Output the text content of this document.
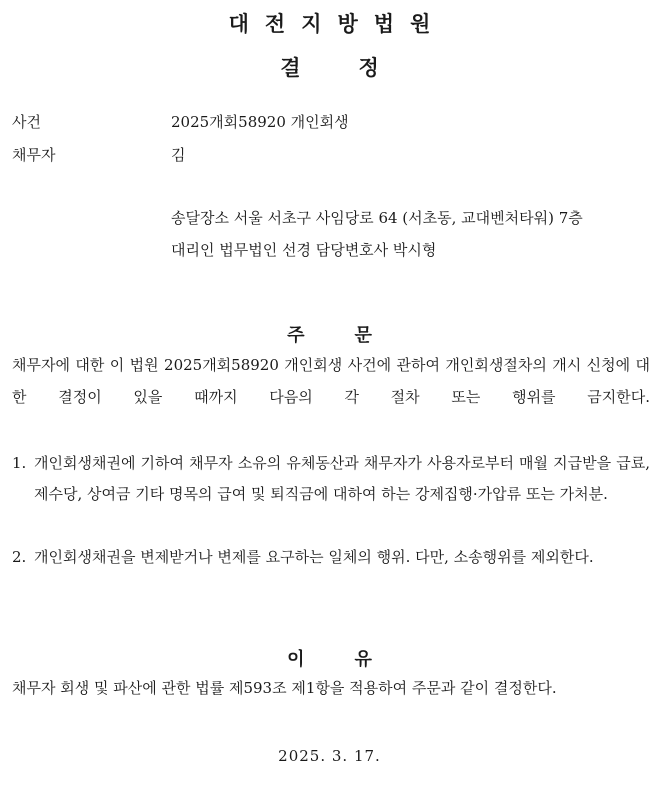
대전지방법원
결정
사건	2025개회58920 개인회생
채무자	김
송달장소 서울 서초구 사임당로 64 (서초동, 교대벤처타워) 7층
대리인 법무법인 선경 담당변호사 박시형
주문
채무자에 대한 이 법원 2025개회58920 개인회생 사건에 관하여 개인회생절차의 개시 신청에 대한 결정이 있을 때까지 다음의 각 절차 또는 행위를 금지한다.
1. 개인회생채권에 기하여 채무자 소유의 유체동산과 채무자가 사용자로부터 매월 지급받을 급료, 제수당, 상여금 기타 명목의 급여 및 퇴직금에 대하여 하는 강제집행·가압류 또는 가처분.
2. 개인회생채권을 변제받거나 변제를 요구하는 일체의 행위. 다만, 소송행위를 제외한다.
이유
채무자 회생 및 파산에 관한 법률 제593조 제1항을 적용하여 주문과 같이 결정한다.
2025. 3. 17.
